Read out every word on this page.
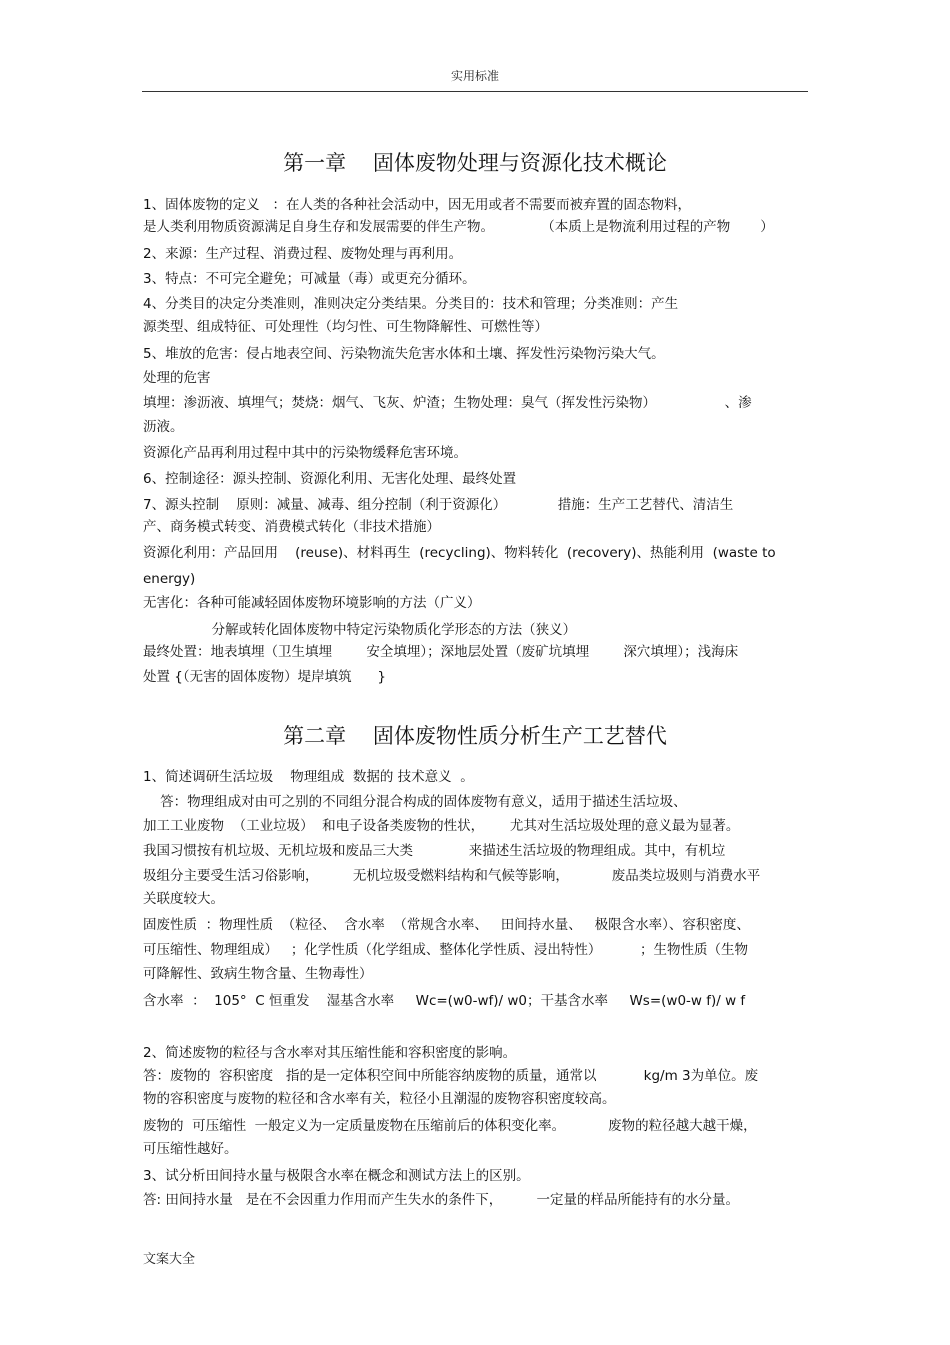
实用标准
第一章    固体废物处理与资源化技术概论
1、固体废物的定义   ：在人类的各种社会活动中，因无用或者不需要而被弃置的固态物料，
是人类利用物质资源满足自身生存和发展需要的伴生产物。           （本质上是物流利用过程的产物       ）
2、来源：生产过程、消费过程、废物处理与再利用。
3、特点：不可完全避免；可减量（毒）或更充分循环。
4、分类目的决定分类准则，准则决定分类结果。分类目的：技术和管理；分类准则：产生
源类型、组成特征、可处理性（均匀性、可生物降解性、可燃性等）
5、堆放的危害：侵占地表空间、污染物流失危害水体和土壤、挥发性污染物污染大气。
处理的危害
填埋：渗沥液、填埋气；焚烧：烟气、飞灰、炉渣；生物处理：臭气（挥发性污染物）                、渗
沥液。
资源化产品再利用过程中其中的污染物缓释危害环境。
6、控制途径：源头控制、资源化利用、无害化处理、最终处置
7、源头控制    原则：减量、减毒、组分控制（利于资源化）            措施：生产工艺替代、清洁生
产、商务模式转变、消费模式转化（非技术措施）
资源化利用：产品回用    (reuse)、材料再生  (recycling)、物料转化  (recovery)、热能利用  (waste to
energy)
无害化：各种可能减轻固体废物环境影响的方法（广义）
分解或转化固体废物中特定污染物质化学形态的方法（狭义）
最终处置：地表填埋（卫生填埋        安全填埋）；深地层处置（废矿坑填埋        深穴填埋）；浅海床
处置 {（无害的固体废物）堤岸填筑      }
第二章    固体废物性质分析生产工艺替代
1、简述调研生活垃圾    物理组成  数据的 技术意义  。
答：物理组成对由可之别的不同组分混合构成的固体废物有意义，适用于描述生活垃圾、
加工工业废物  （工业垃圾）  和电子设备类废物的性状，      尤其对生活垃圾处理的意义最为显著。
我国习惯按有机垃圾、无机垃圾和废品三大类             来描述生活垃圾的物理组成。其中，有机垃
圾组分主要受生活习俗影响，        无机垃圾受燃料结构和气候等影响，          废品类垃圾则与消费水平
关联度较大。
固废性质  ：物理性质  （粒径、  含水率  （常规含水率、   田间持水量、   极限含水率）、容积密度、
可压缩性、物理组成）   ；化学性质（化学组成、整体化学性质、浸出特性）         ；生物性质（生物
可降解性、致病生物含量、生物毒性）
含水率  ：  105°  C 恒重发    湿基含水率     Wc=(w0-wf)/ w0；干基含水率     Ws=(w0-w f)/ w f
2、简述废物的粒径与含水率对其压缩性能和容积密度的影响。
答：废物的  容积密度   指的是一定体积空间中所能容纳废物的质量，通常以           kg/m 3为单位。废
物的容积密度与废物的粒径和含水率有关，粒径小且潮湿的废物容积密度较高。
废物的  可压缩性  一般定义为一定质量废物在压缩前后的体积变化率。          废物的粒径越大越干燥，
可压缩性越好。
3、试分析田间持水量与极限含水率在概念和测试方法上的区别。
答: 田间持水量   是在不会因重力作用而产生失水的条件下，        一定量的样品所能持有的水分量。
文案大全
